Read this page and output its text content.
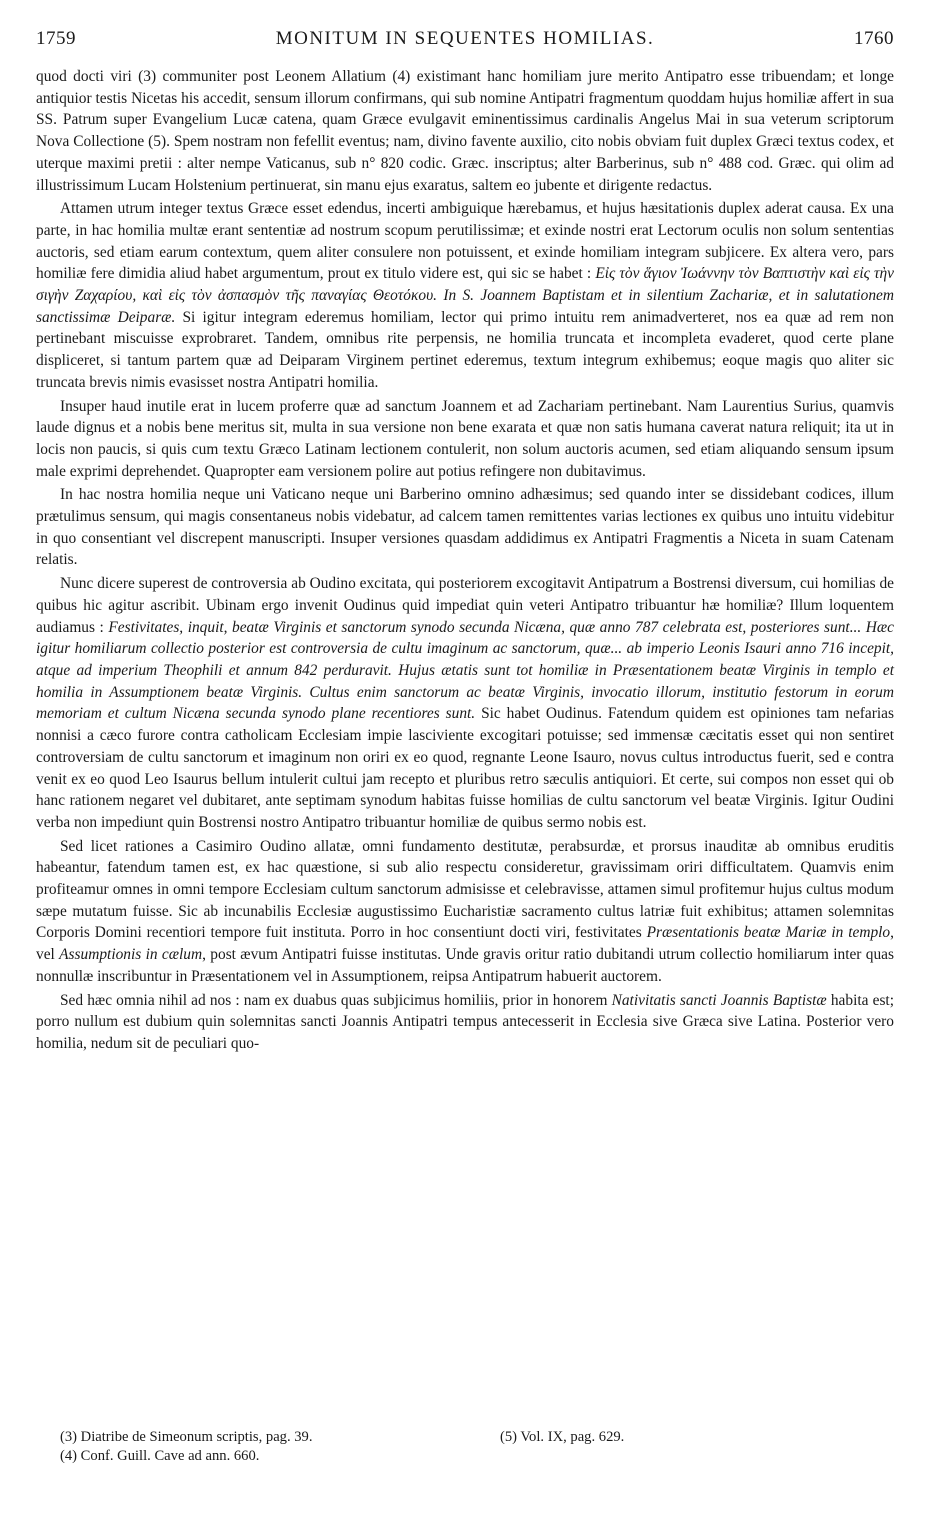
1759	MONITUM IN SEQUENTES HOMILIAS.	1760

quod docti viri (3) communiter post Leonem Allatium (4) existimant hanc homiliam jure merito Antipatro esse tribuendam; et longe antiquior testis Nicetas his accedit, sensum illorum confirmans, qui sub nomine Antipatri fragmentum quoddam hujus homiliæ affert in sua SS. Patrum super Evangelium Lucæ catena, quam Græce evulgavit eminentissimus cardinalis Angelus Mai in sua veterum scriptorum Nova Collectione (5). Spem nostram non fefellit eventus; nam, divino favente auxilio, cito nobis obviam fuit duplex Græci textus codex, et uterque maximi pretii : alter nempe Vaticanus, sub n° 820 codic. Græc. inscriptus; alter Barberinus, sub n° 488 cod. Græc. qui olim ad illustrissimum Lucam Holstenium pertinuerat, sin manu ejus exaratus, saltem eo jubente et dirigente redactus.

Attamen utrum integer textus Græce esset edendus, incerti ambiguique hærebamus, et hujus hæsitationis duplex aderat causa. Ex una parte, in hac homilia multæ erant sententiæ ad nostrum scopum perutilissimæ; et exinde nostri erat Lectorum oculis non solum sententias auctoris, sed etiam earum contextum, quem aliter consulere non potuissent, et exinde homiliam integram subjicere. Ex altera vero, pars homiliæ fere dimidia aliud habet argumentum, prout ex titulo videre est, qui sic se habet : Εἰς τὸν ἅγιον Ἰωάννην τὸν Βαπτιστὴν καὶ εἰς τὴν σιγὴν Ζαχαρίου, καὶ εἰς τὸν ἀσπασμὸν τῆς παναγίας Θεοτόκου. In S. Joannem Baptistam et in silentium Zachariæ, et in salutationem sanctissimæ Deiparæ. Si igitur integram ederemus homiliam, lector qui primo intuitu rem animadverteret, nos ea quæ ad rem non pertinebant miscuisse exprobraret. Tandem, omnibus rite perpensis, ne homilia truncata et incompleta evaderet, quod certe plane displiceret, si tantum partem quæ ad Deiparam Virginem pertinet ederemus, textum integrum exhibemus; eoque magis quo aliter sic truncata brevis nimis evasisset nostra Antipatri homilia.

Insuper haud inutile erat in lucem proferre quæ ad sanctum Joannem et ad Zachariam pertinebant. Nam Laurentius Surius, quamvis laude dignus et a nobis bene meritus sit, multa in sua versione non bene exarata et quæ non satis humana caverat natura reliquit; ita ut in locis non paucis, si quis cum textu Græco Latinam lectionem contulerit, non solum auctoris acumen, sed etiam aliquando sensum ipsum male exprimi deprehendet. Quapropter eam versionem polire aut potius refingere non dubitavimus.

In hac nostra homilia neque uni Vaticano neque uni Barberino omnino adhæsimus; sed quando inter se dissidebant codices, illum prætulimus sensum, qui magis consentaneus nobis videbatur, ad calcem tamen remittentes varias lectiones ex quibus uno intuitu videbitur in quo consentiant vel discrepent manuscripti. Insuper versiones quasdam addidimus ex Antipatri Fragmentis a Niceta in suam Catenam relatis.

Nunc dicere superest de controversia ab Oudino excitata, qui posteriorem excogitavit Antipatrum a Bostrensi diversum, cui homilias de quibus hic agitur ascribit. Ubinam ergo invenit Oudinus quid impediat quin veteri Antipatro tribuantur hæ homiliæ? Illum loquentem audiamus : Festivitates, inquit, beatæ Virginis et sanctorum synodo secunda Nicæna, quæ anno 787 celebrata est, posteriores sunt... Hæc igitur homiliarum collectio posterior est controversia de cultu imaginum ac sanctorum, quæ... ab imperio Leonis Isauri anno 716 incepit, atque ad imperium Theophili et annum 842 perduravit. Hujus ætatis sunt tot homiliæ in Præsentationem beatæ Virginis in templo et homilia in Assumptionem beatæ Virginis. Cultus enim sanctorum ac beatæ Virginis, invocatio illorum, institutio festorum in eorum memoriam et cultum Nicæna secunda synodo plane recentiores sunt. Sic habet Oudinus. Fatendum quidem est opiniones tam nefarias nonnisi a cæco furore contra catholicam Ecclesiam impie lasciviente excogitari potuisse; sed immensæ cæcitatis esset qui non sentiret controversiam de cultu sanctorum et imaginum non oriri ex eo quod, regnante Leone Isauro, novus cultus introductus fuerit, sed e contra venit ex eo quod Leo Isaurus bellum intulerit cultui jam recepto et pluribus retro sæculis antiquiori. Et certe, sui compos non esset qui ob hanc rationem negaret vel dubitaret, ante septimam synodum habitas fuisse homilias de cultu sanctorum vel beatæ Virginis. Igitur Oudini verba non impediunt quin Bostrensi nostro Antipatro tribuantur homiliæ de quibus sermo nobis est.

Sed licet rationes a Casimiro Oudino allatæ, omni fundamento destitutæ, perabsurdæ, et prorsus inauditæ ab omnibus eruditis habeantur, fatendum tamen est, ex hac quæstione, si sub alio respectu consideretur, gravissimam oriri difficultatem. Quamvis enim profiteamur omnes in omni tempore Ecclesiam cultum sanctorum admisisse et celebravisse, attamen simul profitemur hujus cultus modum sæpe mutatum fuisse. Sic ab incunabilis Ecclesiæ augustissimo Eucharistiæ sacramento cultus latriæ fuit exhibitus; attamen solemnitas Corporis Domini recentiori tempore fuit instituta. Porro in hoc consentiunt docti viri, festivitates Præsentationis beatæ Mariæ in templo, vel Assumptionis in cælum, post ævum Antipatri fuisse institutas. Unde gravis oritur ratio dubitandi utrum collectio homiliarum inter quas nonnullæ inscribuntur in Præsentationem vel in Assumptionem, reipsa Antipatrum habuerit auctorem.

Sed hæc omnia nihil ad nos : nam ex duabus quas subjicimus homiliis, prior in honorem Nativitatis sancti Joannis Baptistæ habita est; porro nullum est dubium quin solemnitas sancti Joannis Antipatri tempus antecesserit in Ecclesia sive Græca sive Latina. Posterior vero homilia, nedum sit de peculiari quo-

(3) Diatribe de Simeonum scriptis, pag. 39.	(5) Vol. IX, pag. 629.
(4) Conf. Guill. Cave ad ann. 660.
